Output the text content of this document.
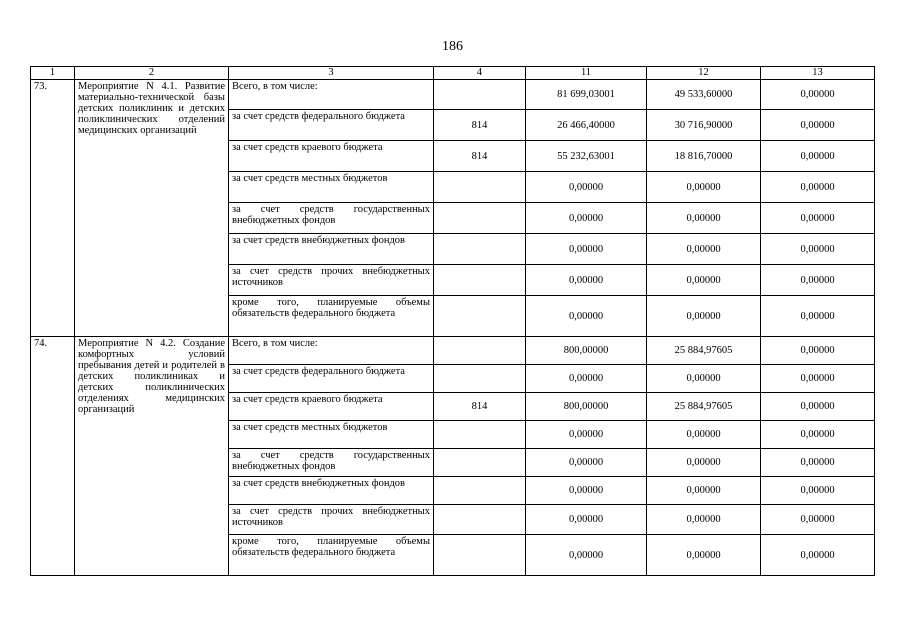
186
1	2	3	4	11	12	13
73.	Мероприятие N 4.1. Развитие материально-технической базы детских поликлиник и детских поликлинических отделений медицинских организаций	Всего, в том числе:		81 699,03001	49 533,60000	0,00000
		за счет средств федерального бюджета	814	26 466,40000	30 716,90000	0,00000
		за счет средств краевого бюджета	814	55 232,63001	18 816,70000	0,00000
		за счет средств местных бюджетов		0,00000	0,00000	0,00000
		за счет средств государственных внебюджетных фондов		0,00000	0,00000	0,00000
		за счет средств внебюджетных фондов		0,00000	0,00000	0,00000
		за счет средств прочих внебюджетных источников		0,00000	0,00000	0,00000
		кроме того, планируемые объемы обязательств федерального бюджета		0,00000	0,00000	0,00000
74.	Мероприятие N 4.2. Создание комфортных условий пребывания детей и родителей в детских поликлиниках и детских поликлинических отделениях медицинских организаций	Всего, в том числе:		800,00000	25 884,97605	0,00000
		за счет средств федерального бюджета		0,00000	0,00000	0,00000
		за счет средств краевого бюджета	814	800,00000	25 884,97605	0,00000
		за счет средств местных бюджетов		0,00000	0,00000	0,00000
		за счет средств государственных внебюджетных фондов		0,00000	0,00000	0,00000
		за счет средств внебюджетных фондов		0,00000	0,00000	0,00000
		за счет средств прочих внебюджетных источников		0,00000	0,00000	0,00000
		кроме того, планируемые объемы обязательств федерального бюджета		0,00000	0,00000	0,00000
